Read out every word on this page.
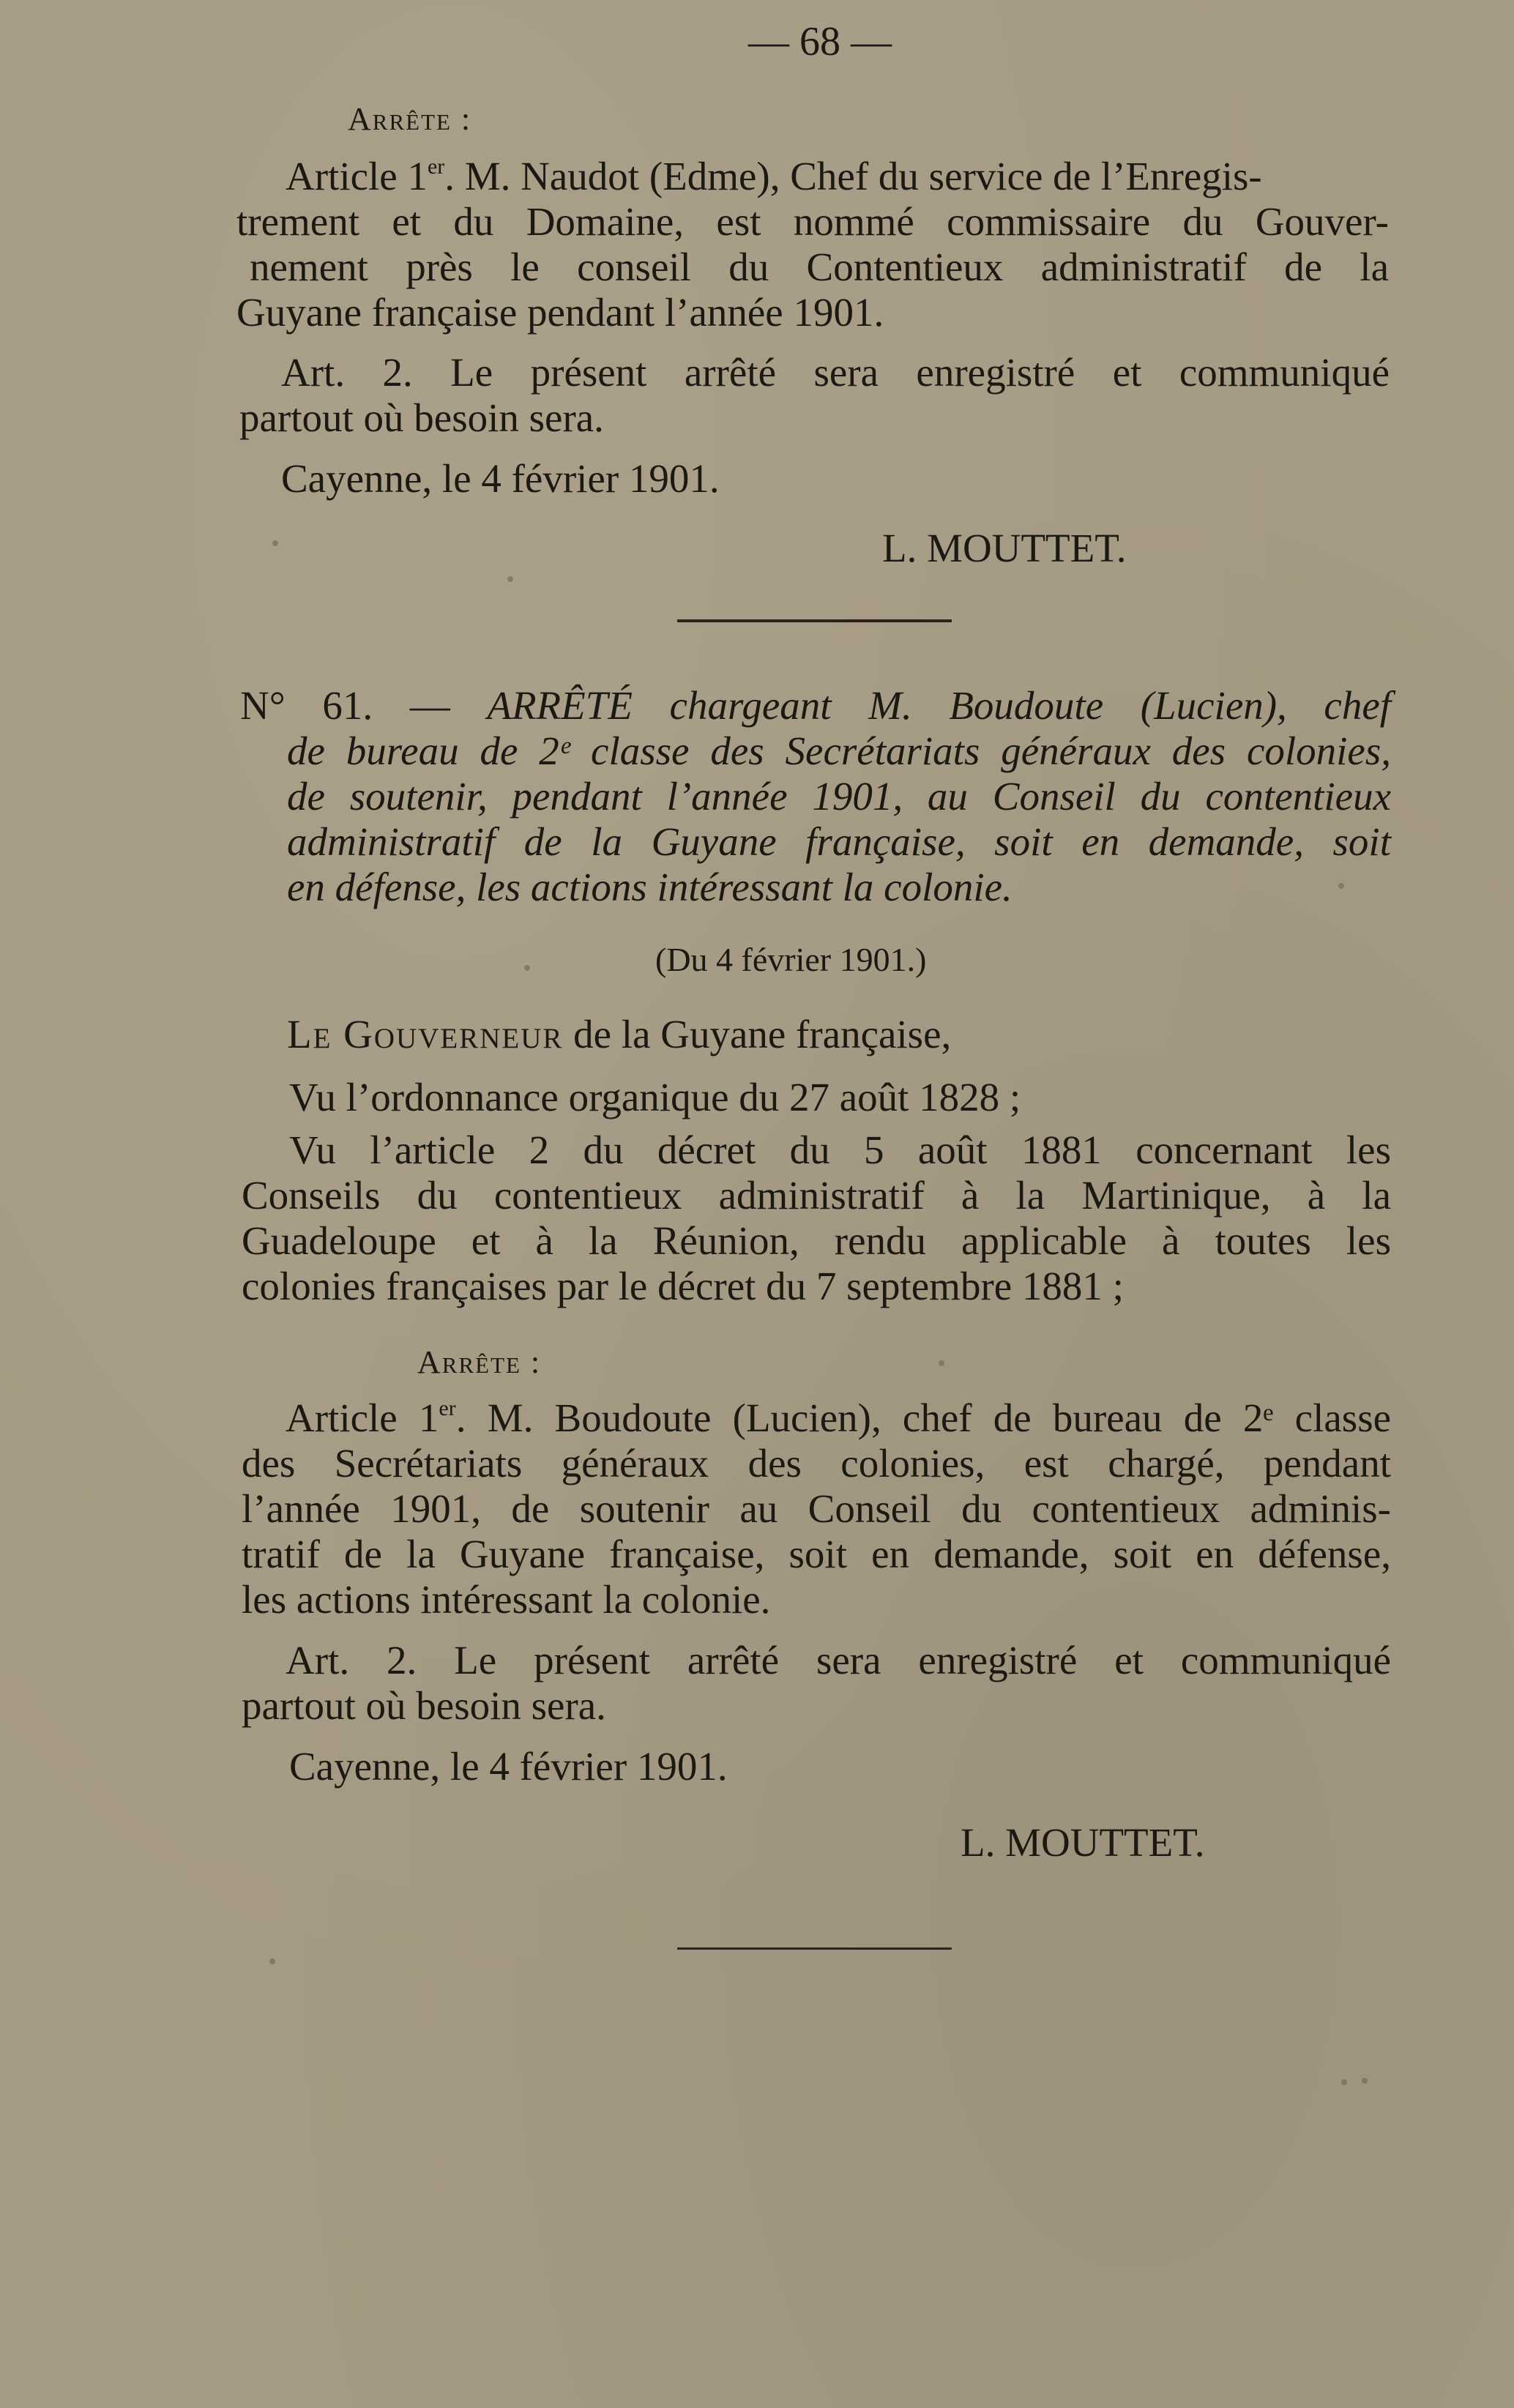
— 68 —
Arrête :
Article 1er. M. Naudot (Edme), Chef du service de l’Enregis-
trement et du Domaine, est nommé commissaire du Gouver-
nement près le conseil du Contentieux administratif de la
Guyane française pendant l’année 1901.
Art. 2. Le présent arrêté sera enregistré et communiqué
partout où besoin sera.
Cayenne, le 4 février 1901.
L. MOUTTET.
N° 61. — ARRÊTÉ chargeant M. Boudoute (Lucien), chef
de bureau de 2ᵉ classe des Secrétariats généraux des colonies,
de soutenir, pendant l’année 1901, au Conseil du contentieux
administratif de la Guyane française, soit en demande, soit
en défense, les actions intéressant la colonie.
(Du 4 février 1901.)
Le Gouverneur de la Guyane française,
Vu l’ordonnance organique du 27 août 1828 ;
Vu l’article 2 du décret du 5 août 1881 concernant les
Conseils du contentieux administratif à la Martinique, à la
Guadeloupe et à la Réunion, rendu applicable à toutes les
colonies françaises par le décret du 7 septembre 1881 ;
Arrête :
Article 1er. M. Boudoute (Lucien), chef de bureau de 2ᵉ classe
des Secrétariats généraux des colonies, est chargé, pendant
l’année 1901, de soutenir au Conseil du contentieux adminis-
tratif de la Guyane française, soit en demande, soit en défense,
les actions intéressant la colonie.
Art. 2. Le présent arrêté sera enregistré et communiqué
partout où besoin sera.
Cayenne, le 4 février 1901.
L. MOUTTET.
